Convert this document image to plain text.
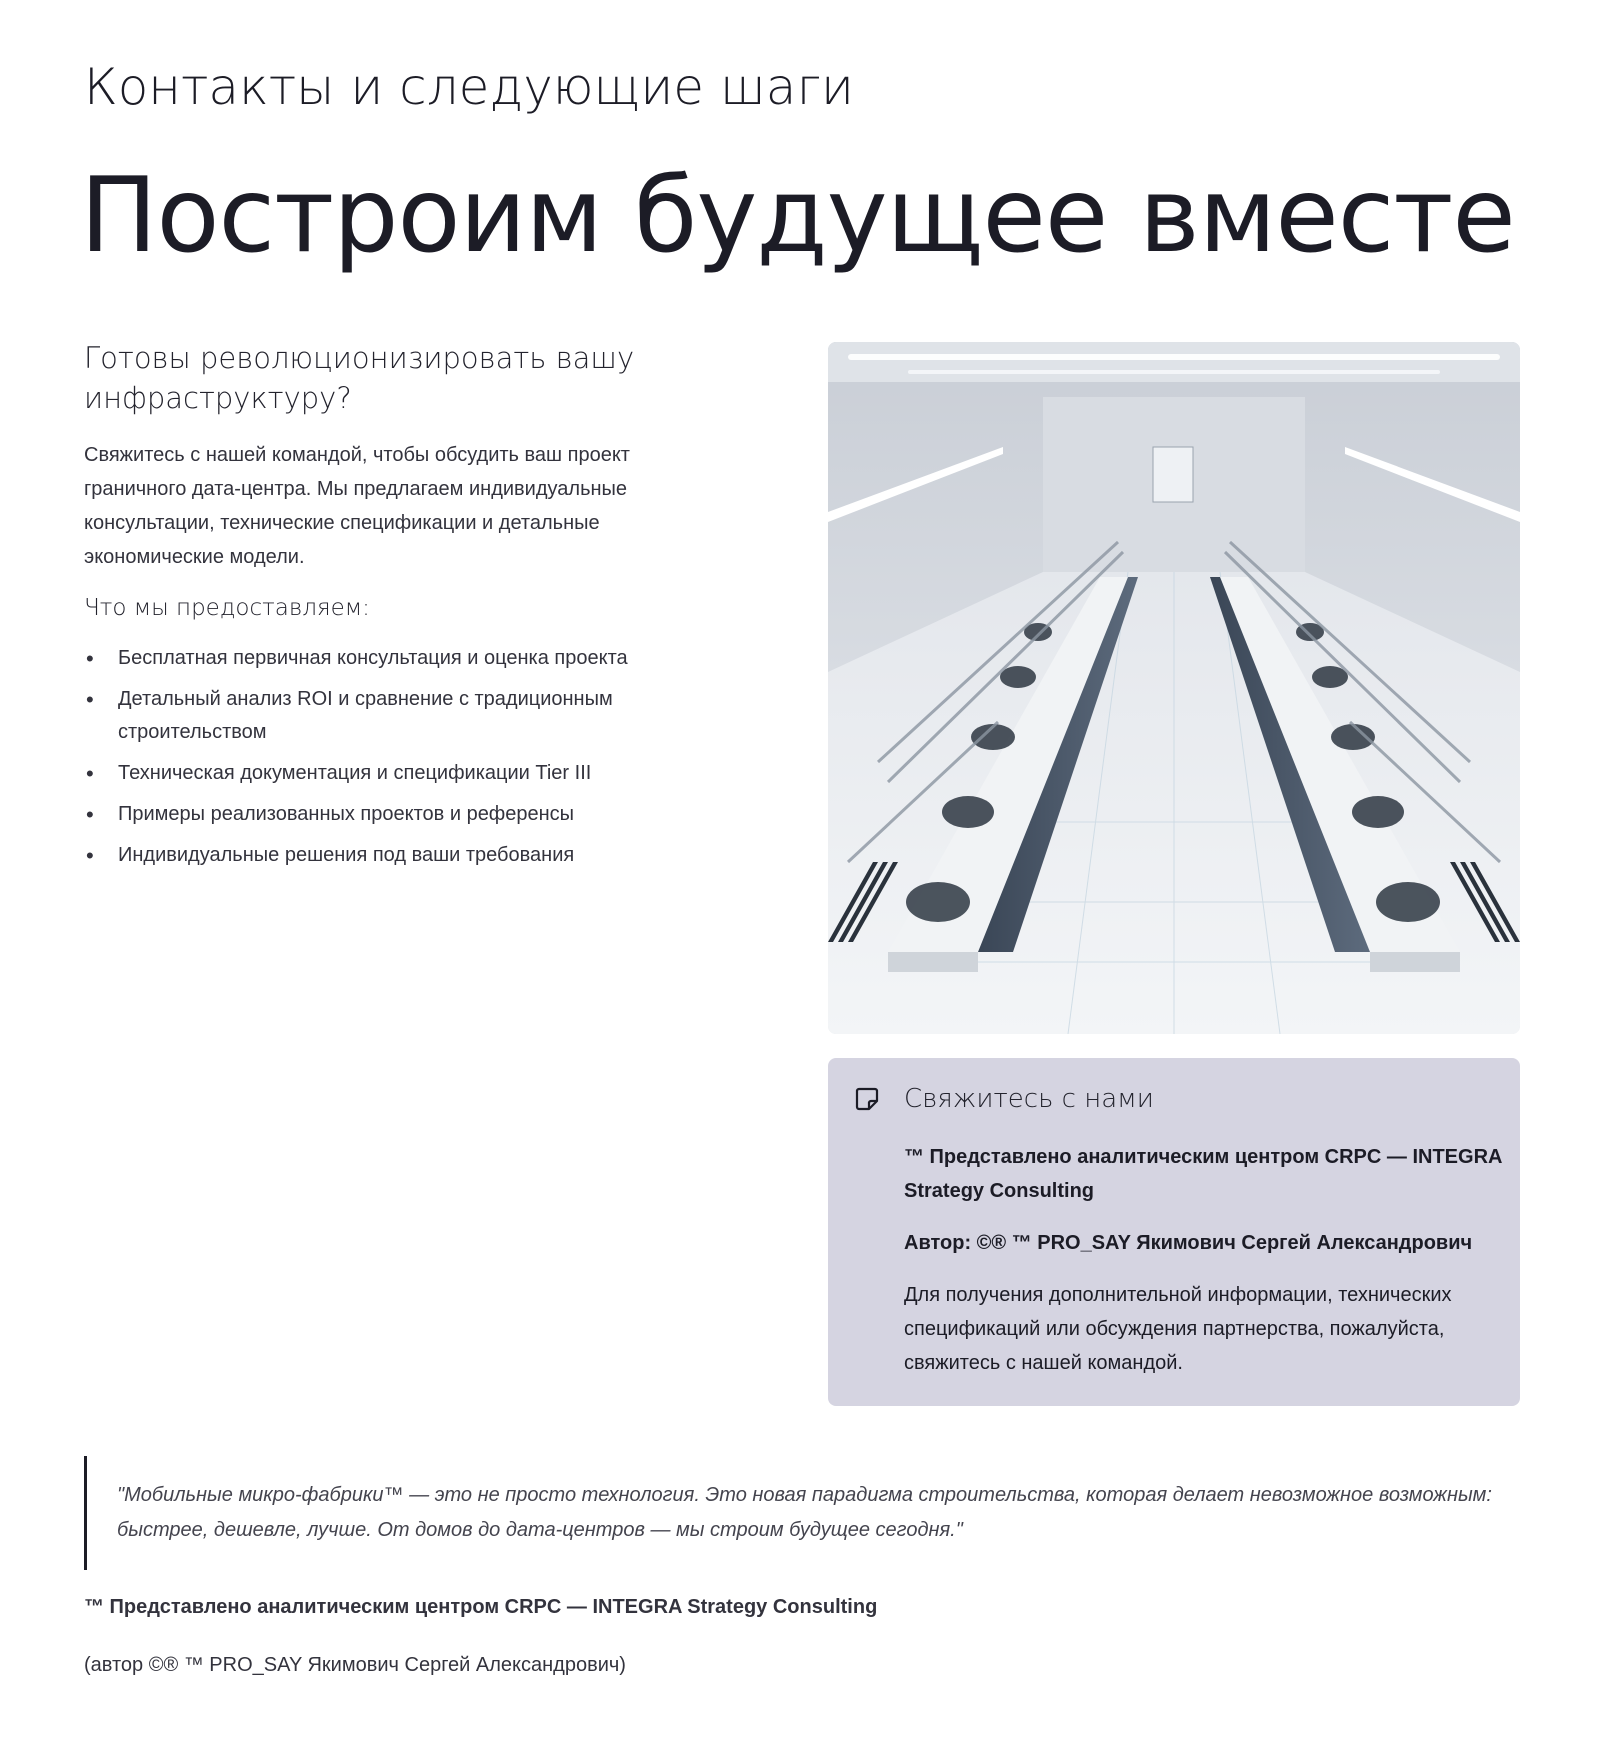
Контакты и следующие шаги
Построим будущее вместе
Готовы революционизировать вашу инфраструктуру?

Свяжитесь с нашей командой, чтобы обсудить ваш проект граничного дата-центра. Мы предлагаем индивидуальные консультации, технические спецификации и детальные экономические модели.

Что мы предоставляем:
• Бесплатная первичная консультация и оценка проекта
• Детальный анализ ROI и сравнение с традиционным строительством
• Техническая документация и спецификации Tier III
• Примеры реализованных проектов и референсы
• Индивидуальные решения под ваши требования
Свяжитесь с нами

™ Представлено аналитическим центром CRPC — INTEGRA Strategy Consulting

Автор: ©® ™ PRO_SAY Якимович Сергей Александрович

Для получения дополнительной информации, технических спецификаций или обсуждения партнерства, пожалуйста, свяжитесь с нашей командой.

"Мобильные микро-фабрики™ — это не просто технология. Это новая парадигма строительства, которая делает невозможное возможным: быстрее, дешевле, лучше. От домов до дата-центров — мы строим будущее сегодня."

™ Представлено аналитическим центром CRPC — INTEGRA Strategy Consulting
(автор ©® ™ PRO_SAY Якимович Сергей Александрович)
